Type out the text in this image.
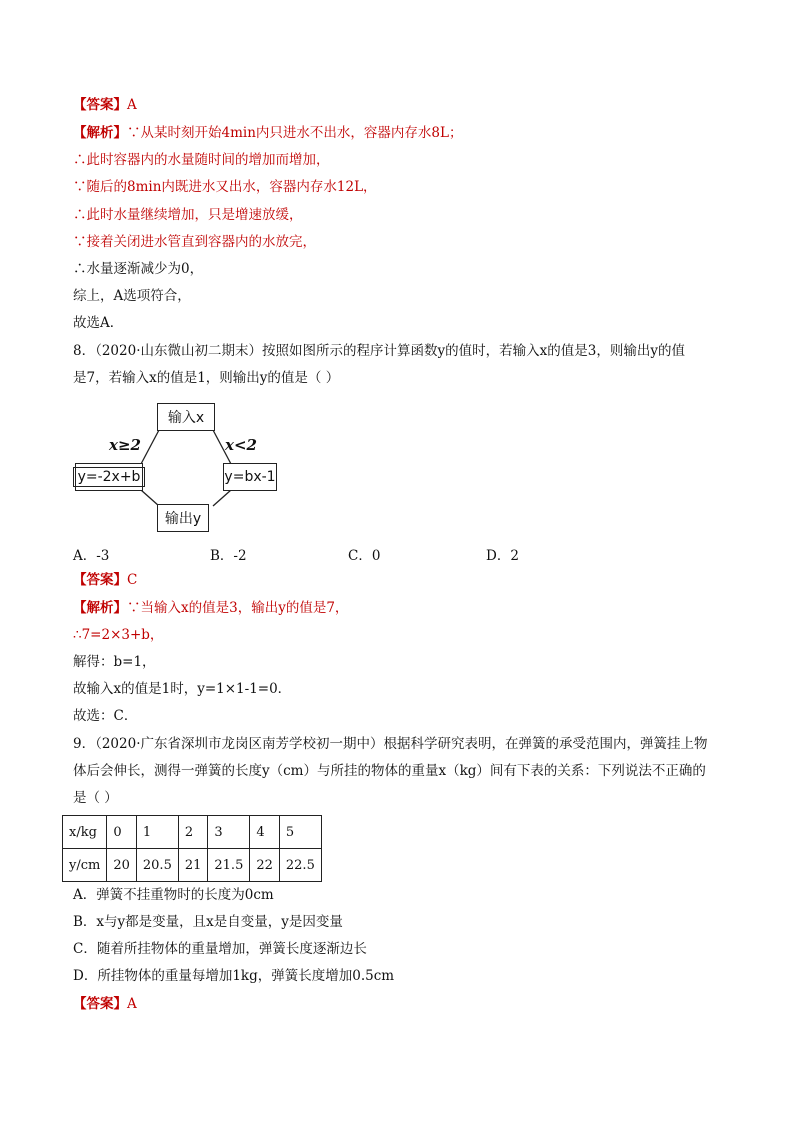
【答案】A
【解析】∵从某时刻开始4min内只进水不出水，容器内存水8L；
∴此时容器内的水量随时间的增加而增加，
∵随后的8min内既进水又出水，容器内存水12L，
∴此时水量继续增加，只是增速放缓，
∵接着关闭进水管直到容器内的水放完，
∴水量逐渐减少为0，
综上，A选项符合，
故选A．
8．（2020·山东微山初二期末）按照如图所示的程序计算函数y的值时，若输入x的值是3，则输出y的值
是7，若输入x的值是1，则输出y的值是（ ）
输入x
x≥2	x<2
y=-2x+b	y=bx-1
输出y
A．-3	B．-2	C．0	D．2
【答案】C
【解析】∵当输入x的值是3，输出y的值是7，
∴7=2×3+b，
解得：b=1，
故输入x的值是1时，y=1×1-1=0．
故选：C．
9．（2020·广东省深圳市龙岗区南芳学校初一期中）根据科学研究表明，在弹簧的承受范围内，弹簧挂上物
体后会伸长，测得一弹簧的长度y（cm）与所挂的物体的重量x（kg）间有下表的关系：下列说法不正确的
是（ ）
x/kg	0	1	2	3	4	5
y/cm	20	20.5	21	21.5	22	22.5
A．弹簧不挂重物时的长度为0cm
B．x与y都是变量，且x是自变量，y是因变量
C．随着所挂物体的重量增加，弹簧长度逐渐边长
D．所挂物体的重量每增加1kg，弹簧长度增加0.5cm
【答案】A
